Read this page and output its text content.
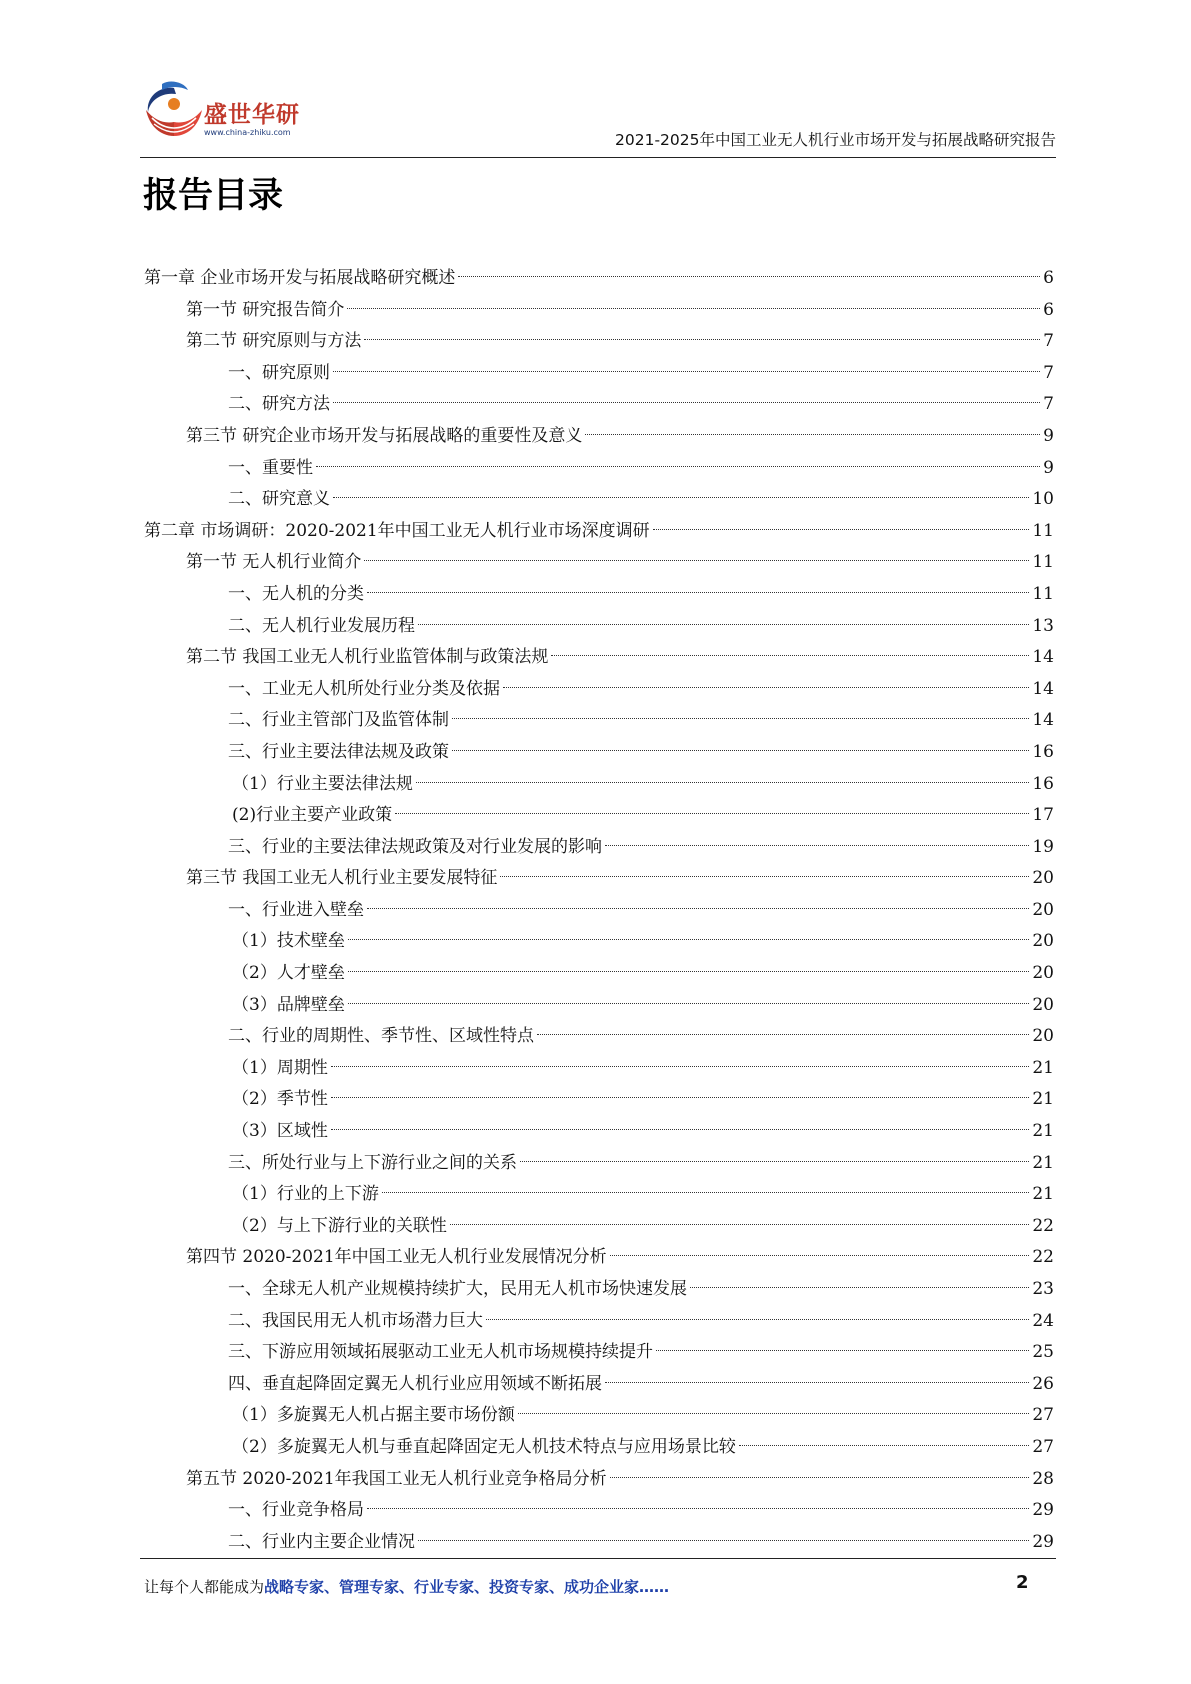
盛世华研
www.china-zhiku.com	2021-2025年中国工业无人机行业市场开发与拓展战略研究报告
报告目录
第一章 企业市场开发与拓展战略研究概述	6
第一节 研究报告简介	6
第二节 研究原则与方法	7
一、研究原则	7
二、研究方法	7
第三节 研究企业市场开发与拓展战略的重要性及意义	9
一、重要性	9
二、研究意义	10
第二章 市场调研：2020-2021年中国工业无人机行业市场深度调研	11
第一节 无人机行业简介	11
一、无人机的分类	11
二、无人机行业发展历程	13
第二节 我国工业无人机行业监管体制与政策法规	14
一、工业无人机所处行业分类及依据	14
二、行业主管部门及监管体制	14
三、行业主要法律法规及政策	16
（1）行业主要法律法规	16
(2)行业主要产业政策	17
三、行业的主要法律法规政策及对行业发展的影响	19
第三节 我国工业无人机行业主要发展特征	20
一、行业进入壁垒	20
（1）技术壁垒	20
（2）人才壁垒	20
（3）品牌壁垒	20
二、行业的周期性、季节性、区域性特点	20
（1）周期性	21
（2）季节性	21
（3）区域性	21
三、所处行业与上下游行业之间的关系	21
（1）行业的上下游	21
（2）与上下游行业的关联性	22
第四节 2020-2021年中国工业无人机行业发展情况分析	22
一、全球无人机产业规模持续扩大，民用无人机市场快速发展	23
二、我国民用无人机市场潜力巨大	24
三、下游应用领域拓展驱动工业无人机市场规模持续提升	25
四、垂直起降固定翼无人机行业应用领域不断拓展	26
（1）多旋翼无人机占据主要市场份额	27
（2）多旋翼无人机与垂直起降固定无人机技术特点与应用场景比较	27
第五节 2020-2021年我国工业无人机行业竞争格局分析	28
一、行业竞争格局	29
二、行业内主要企业情况	29
让每个人都能成为战略专家、管理专家、行业专家、投资专家、成功企业家……	2
